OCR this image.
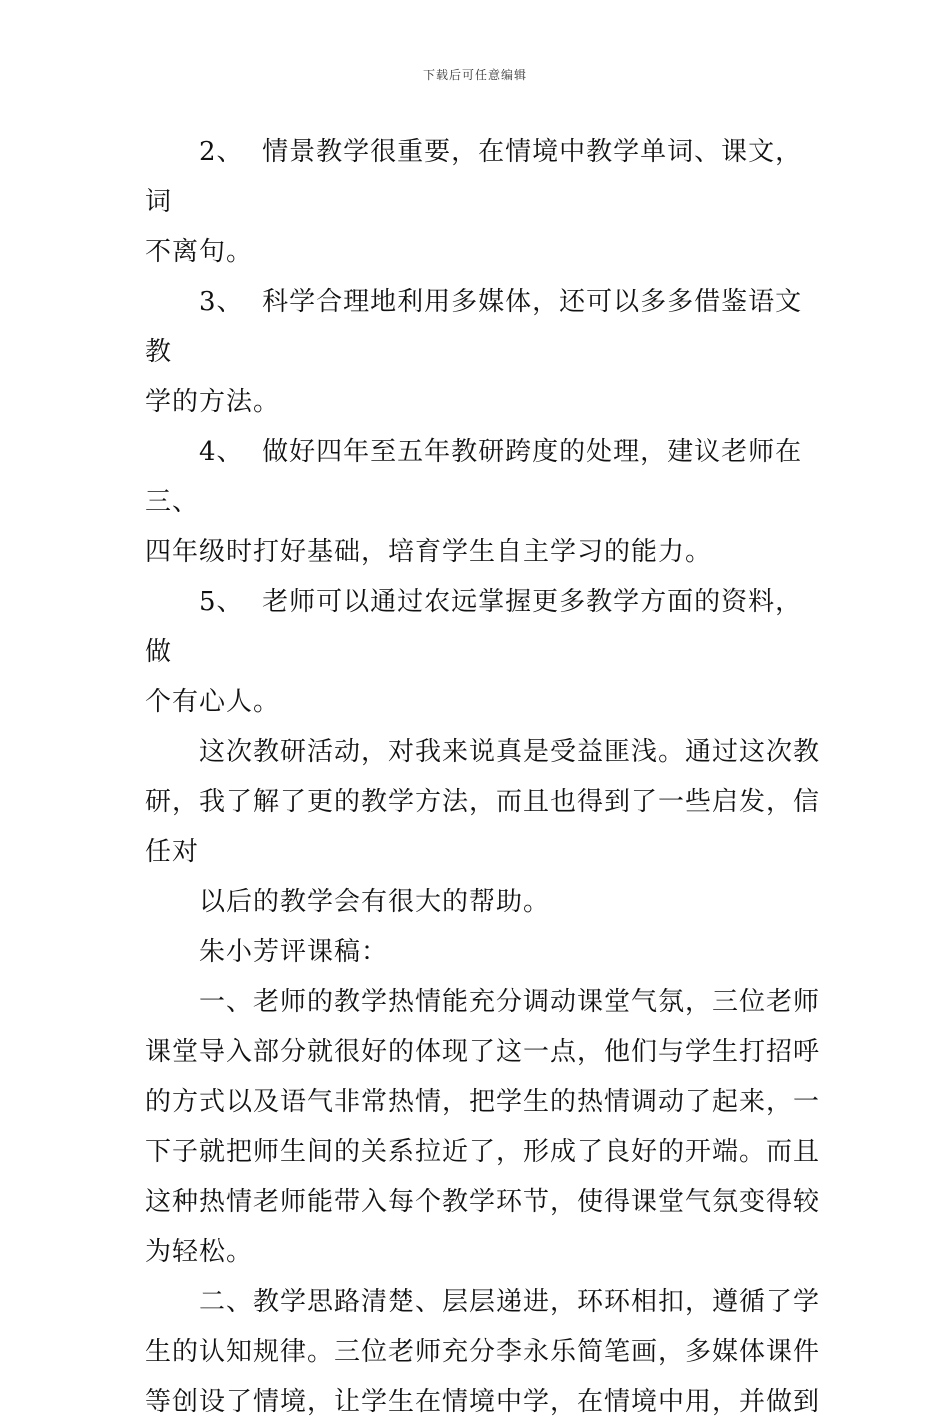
下载后可任意编辑
2、  情景教学很重要，在情境中教学单词、课文，词
不离句。
3、  科学合理地利用多媒体，还可以多多借鉴语文教
学的方法。
4、  做好四年至五年教研跨度的处理，建议老师在三、
四年级时打好基础，培育学生自主学习的能力。
5、  老师可以通过农远掌握更多教学方面的资料，做
个有心人。
这次教研活动，对我来说真是受益匪浅。通过这次教
研，我了解了更的教学方法，而且也得到了一些启发，信
任对
以后的教学会有很大的帮助。
朱小芳评课稿：
一、老师的教学热情能充分调动课堂气氛，三位老师
课堂导入部分就很好的体现了这一点，他们与学生打招呼
的方式以及语气非常热情，把学生的热情调动了起来，一
下子就把师生间的关系拉近了，形成了良好的开端。而且
这种热情老师能带入每个教学环节，使得课堂气氛变得较
为轻松。
二、教学思路清楚、层层递进，环环相扣，遵循了学
生的认知规律。三位老师充分李永乐简笔画，多媒体课件
等创设了情境，让学生在情境中学，在情境中用，并做到
